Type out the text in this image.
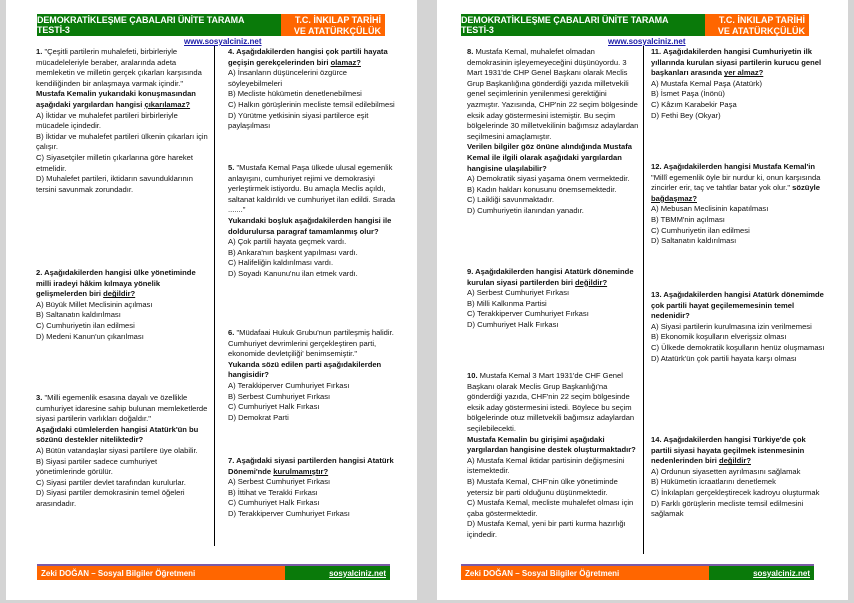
DEMOKRATİKLEŞME ÇABALARI ÜNİTE TARAMA TESTİ-3
T.C. İNKILAP TARİHİ VE ATATÜRKÇÜLÜK
www.sosyalciniz.net
1. "Çeşitli partilerin muhalefeti, birbirleriyle mücadeleleriyle beraber, aralarında adeta memleketin ve milletin gerçek çıkarları karşısında kendiliğinden bir anlaşmaya varmak içindir."
Mustafa Kemalin yukarıdaki konuşmasından aşağıdaki yargılardan hangisi çıkarılamaz?
A) İktidar ve muhalefet partileri birbirleriyle mücadele içindedir.
B) İktidar ve muhalefet partileri ülkenin çıkarları için çalışır.
C) Siyasetçiler milletin çıkarlarına göre hareket etmelidir.
D) Muhalefet partileri, iktidarın savunduklarının tersini savunmak zorundadır.
2. Aşağıdakilerden hangisi ülke yönetiminde milli iradeyi hâkim kılmaya yönelik gelişmelerden biri değildir?
A) Büyük Millet Meclisinin açılması
B) Saltanatın kaldırılması
C) Cumhuriyetin ilan edilmesi
D) Medeni Kanun'un çıkarılması
3. "Milli egemenlik esasına dayalı ve özellikle cumhuriyet idaresine sahip bulunan memleketlerde siyasi partilerin varlıkları doğaldır."
Aşağıdaki cümlelerden hangisi Atatürk'ün bu sözünü destekler niteliktedir?
A) Bütün vatandaşlar siyasi partilere üye olabilir.
B) Siyasi partiler sadece cumhuriyet yönetimlerinde görülür.
C) Siyasi partiler devlet tarafından kurulurlar.
D) Siyasi partiler demokrasinin temel öğeleri arasındadır.
4. Aşağıdakilerden hangisi çok partili hayata geçişin gerekçelerinden biri olamaz?
A) İnsanların düşüncelerini özgürce söyleyebilmeleri
B) Mecliste hükümetin denetlenebilmesi
C) Halkın görüşlerinin mecliste temsil edilebilmesi
D) Yürütme yetkisinin siyasi partilerce eşit paylaşılması
5. "Mustafa Kemal Paşa ülkede ulusal egemenlik anlayışını, cumhuriyet rejimi ve demokrasiyi yerleştirmek istiyordu. Bu amaçla Meclis açıldı, saltanat kaldırıldı ve cumhuriyet ilan edildi. Sırada ......."
Yukarıdaki boşluk aşağıdakilerden hangisi ile doldurulursa paragraf tamamlanmış olur?
A) Çok partili hayata geçmek vardı.
B) Ankara'nın başkent yapılması vardı.
C) Halifeliğin kaldırılması vardı.
D) Soyadı Kanunu'nu ilan etmek vardı.
6. "Müdafaai Hukuk Grubu'nun partileşmiş halidir. Cumhuriyet devrimlerini gerçekleştiren parti, ekonomide devletçiliği' benimsemiştir."
Yukarıda sözü edilen parti aşağıdakilerden hangisidir?
A) Terakkiperver Cumhuriyet Fırkası
B) Serbest Cumhuriyet Fırkası
C) Cumhuriyet Halk Fırkası
D) Demokrat Parti
7. Aşağıdaki siyasi partilerden hangisi Atatürk Dönemi'nde kurulmamıştır?
A) Serbest Cumhuriyet Fırkası
B) İttihat ve Terakki Fırkası
C) Cumhuriyet Halk Fırkası
D) Terakkiperver Cumhuriyet Fırkası
Zeki DOĞAN – Sosyal Bilgiler Öğretmeni	sosyalciniz.net
DEMOKRATİKLEŞME ÇABALARI ÜNİTE TARAMA TESTİ-3
T.C. İNKILAP TARİHİ VE ATATÜRKÇÜLÜK
www.sosyalciniz.net
8. Mustafa Kemal, muhalefet olmadan demokrasinin işleyemeyeceğini düşünüyordu. 3 Mart 1931'de CHP Genel Başkanı olarak Meclis Grup Başkanlığına gönderdiği yazıda milletvekili genel seçimlerinin yenilenmesi gerektiğini yazmıştır. Yazısında, CHP'nin 22 seçim bölgesinde eksik aday göstermesini istemiştir. Bu seçim bölgelerinde 30 milletvekilinin bağımsız adaylardan seçilmesini amaçlamıştır.
Verilen bilgiler göz önüne alındığında Mustafa Kemal ile ilgili olarak aşağıdaki yargılardan hangisine ulaşılabilir?
A) Demokratik siyasi yaşama önem vermektedir.
B) Kadın hakları konusunu önemsemektedir.
C) Laikliği savunmaktadır.
D) Cumhuriyetin ilanından yanadır.
9. Aşağıdakilerden hangisi Atatürk döneminde kurulan siyasi partilerden biri değildir?
A) Serbest Cumhuriyet Fırkası
B) Milli Kalkınma Partisi
C) Terakkiperver Cumhuriyet Fırkası
D) Cumhuriyet Halk Fırkası
10. Mustafa Kemal 3 Mart 1931'de CHF Genel Başkanı olarak Meclis Grup Başkanlığı'na gönderdiği yazıda, CHF'nin 22 seçim bölgesinde eksik aday göstermesini istedi. Böylece bu seçim bölgelerinde otuz milletvekili bağımsız adaylardan seçilebilecekti.
Mustafa Kemalin bu girişimi aşağıdaki yargılardan hangisine destek oluşturmaktadır?
A) Mustafa Kemal iktidar partisinin değişmesini istemektedir.
B) Mustafa Kemal, CHF'nin ülke yönetiminde yetersiz bir parti olduğunu düşünmektedir.
C) Mustafa Kemal, mecliste muhalefet olması için çaba göstermektedir.
D) Mustafa Kemal, yeni bir parti kurma hazırlığı içindedir.
11. Aşağıdakilerden hangisi Cumhuriyetin ilk yıllarında kurulan siyasi partilerin kurucu genel başkanları arasında yer almaz?
A) Mustafa Kemal Paşa (Atatürk)
B) İsmet Paşa (İnönü)
C) Kâzım Karabekir Paşa
D) Fethi Bey (Okyar)
12. Aşağıdakilerden hangisi Mustafa Kemal'in "Millî egemenlik öyle bir nurdur ki, onun karşısında zincirler erir, taç ve tahtlar batar yok olur." sözüyle bağdaşmaz?
A) Mebusan Meclisinin kapatılması
B) TBMM'nin açılması
C) Cumhuriyetin ilan edilmesi
D) Saltanatın kaldırılması
13. Aşağıdakilerden hangisi Atatürk dönemimde çok partili hayat geçilememesinin temel nedenidir?
A) Siyasi partilerin kurulmasına izin verilmemesi
B) Ekonomik koşulların elverişsiz olması
C) Ülkede demokratik koşulların henüz oluşmaması
D) Atatürk'ün çok partili hayata karşı olması
14. Aşağıdakilerden hangisi Türkiye'de çok partili siyasi hayata geçilmek istenmesinin nedenlerinden biri değildir?
A) Ordunun siyasetten ayrılmasını sağlamak
B) Hükümetin icraatlarını denetlemek
C) İnkılapları gerçekleştirecek kadroyu oluşturmak
D) Farklı görüşlerin mecliste temsil edilmesini sağlamak
Zeki DOĞAN – Sosyal Bilgiler Öğretmeni	sosyalciniz.net
